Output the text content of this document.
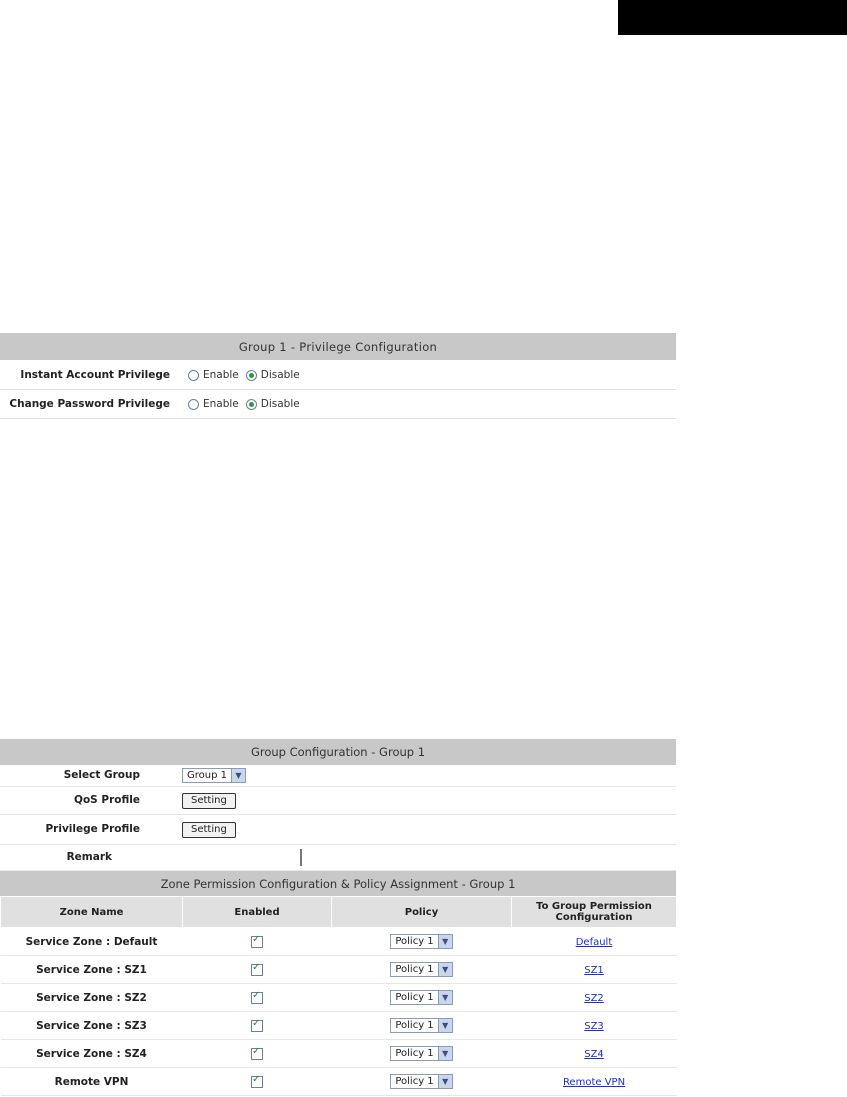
Group 1 - Privilege Configuration
Instant Account Privilege	Enable Disable
Change Password Privilege	Enable Disable
Group Configuration - Group 1
Select Group	Group 1	▼
QoS Profile	Setting
Privilege Profile	Setting
Remark
Zone Permission Configuration & Policy Assignment - Group 1
Zone Name	Enabled	Policy	To Group Permission Configuration
Service Zone : Default	✓	Policy 1 ▼	Default
Service Zone : SZ1	✓	Policy 1 ▼	SZ1
Service Zone : SZ2	✓	Policy 1 ▼	SZ2
Service Zone : SZ3	✓	Policy 1 ▼	SZ3
Service Zone : SZ4	✓	Policy 1 ▼	SZ4
Remote VPN	✓	Policy 1 ▼	Remote VPN
